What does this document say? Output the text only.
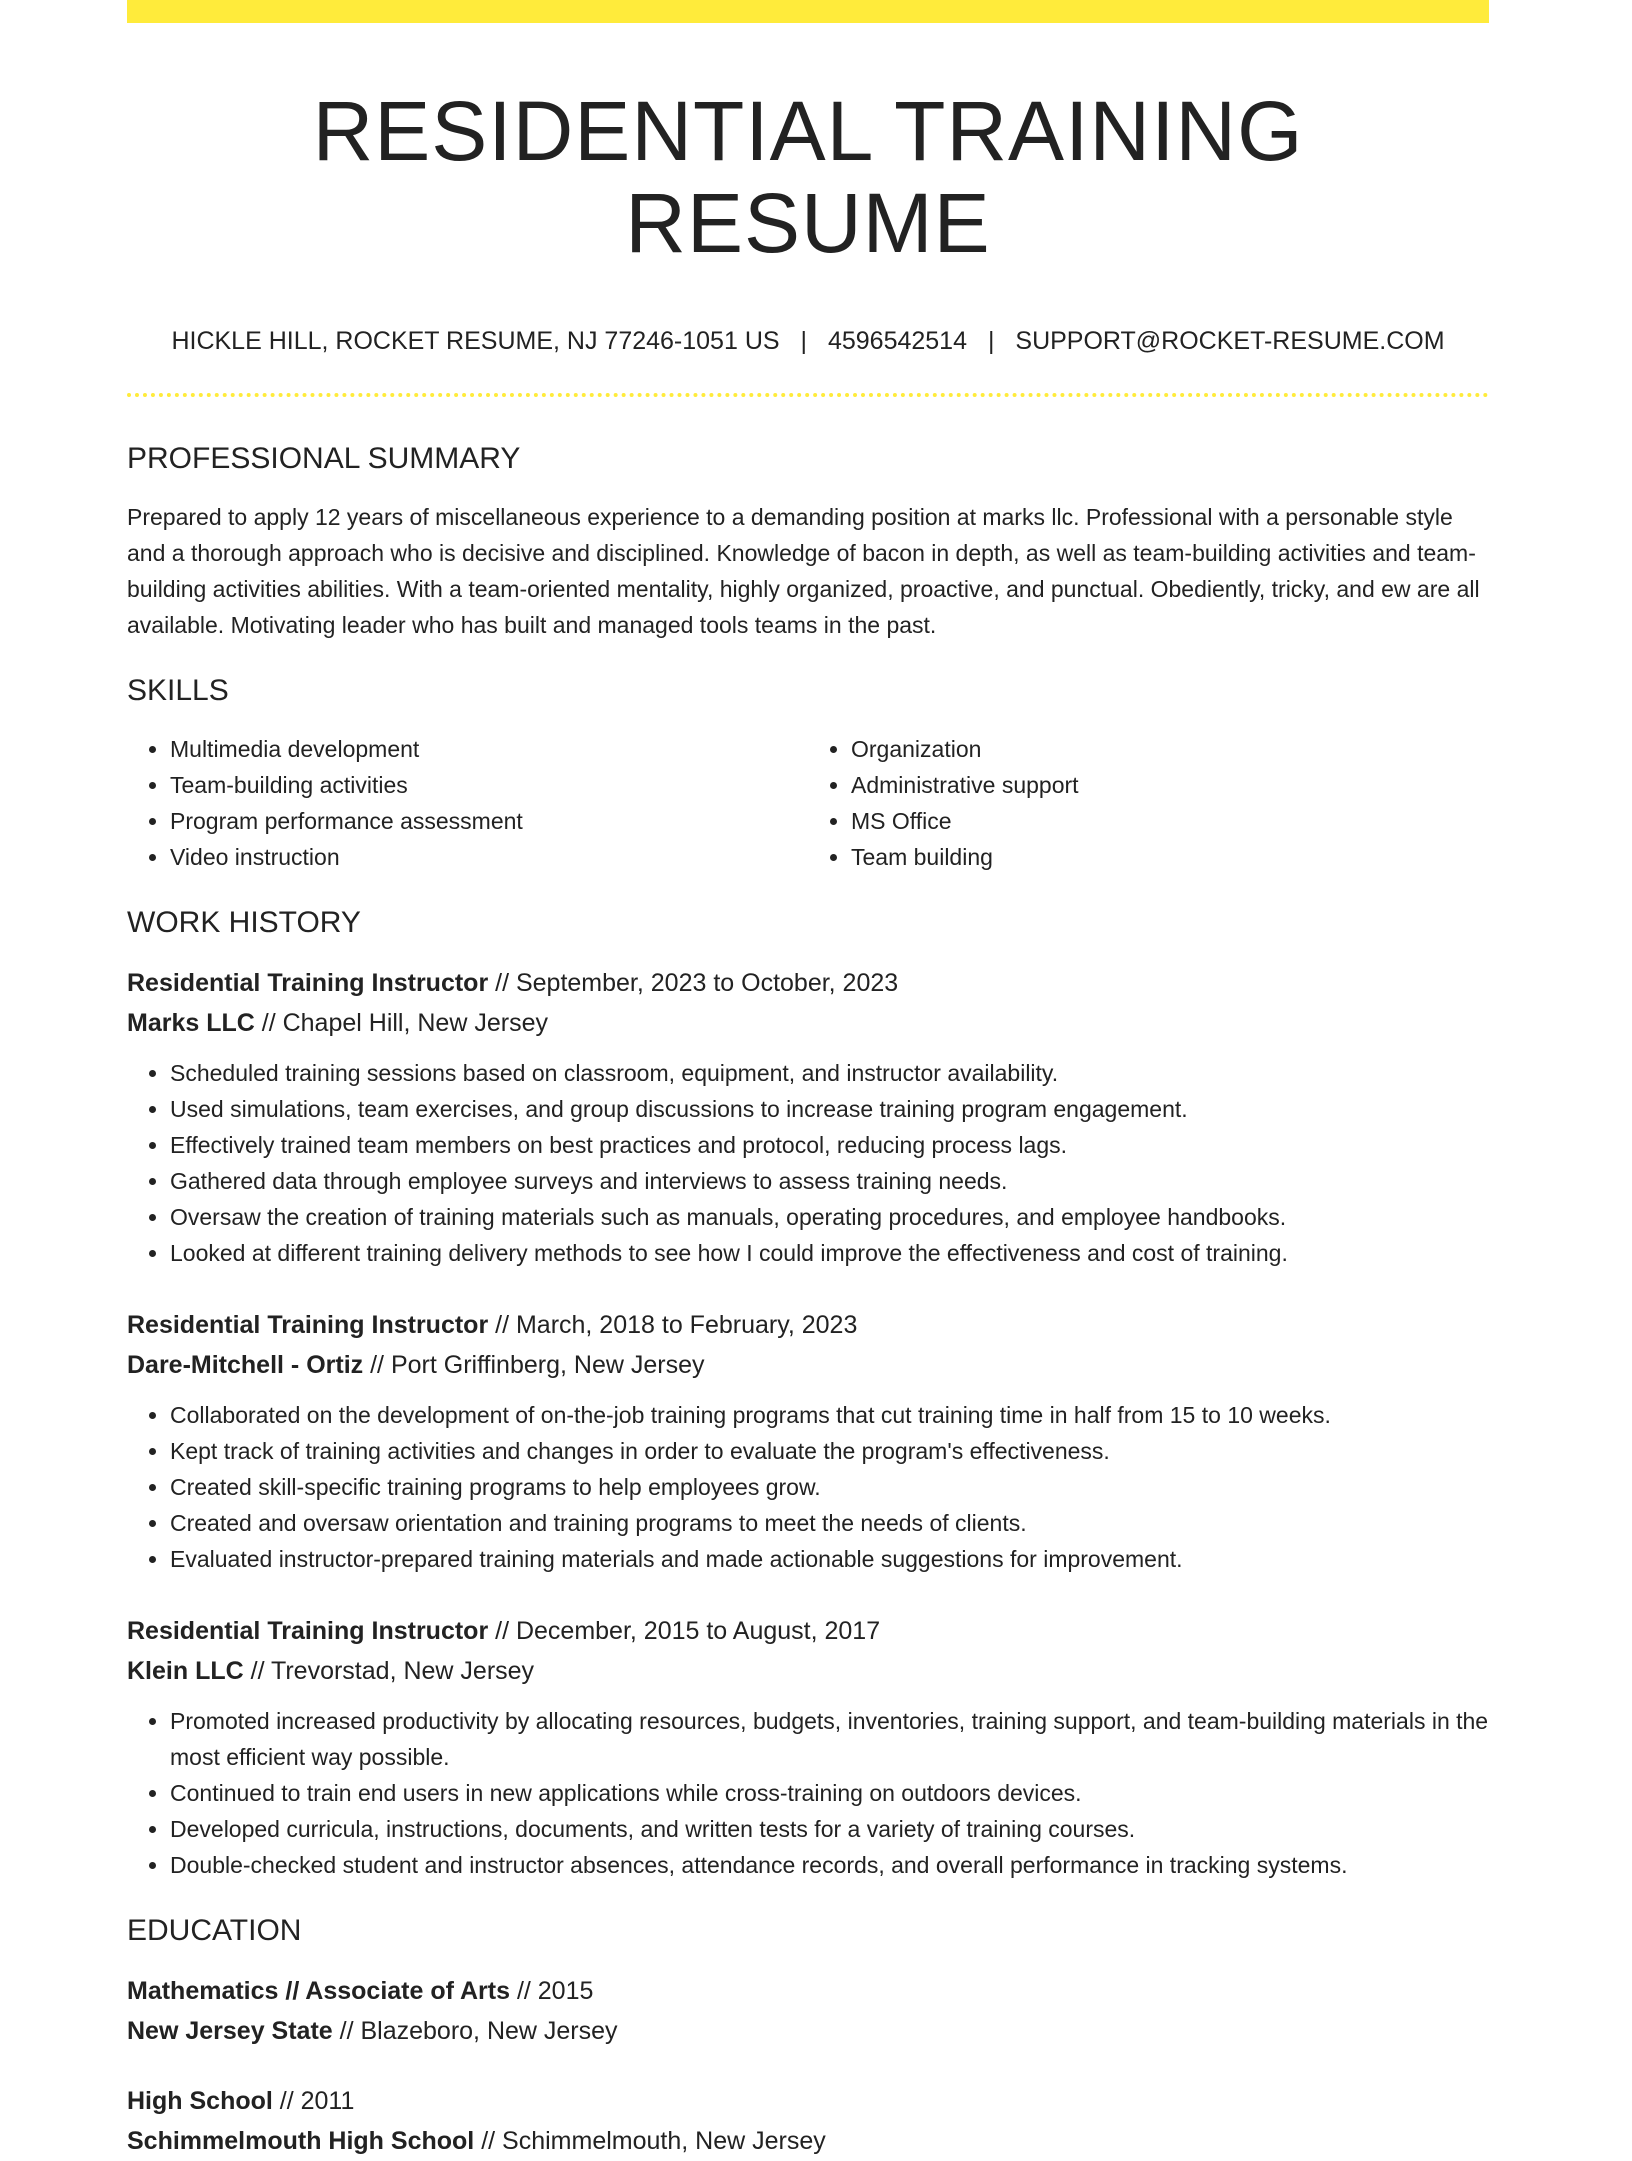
RESIDENTIAL TRAINING RESUME
HICKLE HILL, ROCKET RESUME, NJ 77246-1051 US | 4596542514 | SUPPORT@ROCKET-RESUME.COM
PROFESSIONAL SUMMARY

Prepared to apply 12 years of miscellaneous experience to a demanding position at marks llc. Professional with a personable style and a thorough approach who is decisive and disciplined. Knowledge of bacon in depth, as well as team-building activities and team-building activities abilities. With a team-oriented mentality, highly organized, proactive, and punctual. Obediently, tricky, and ew are all available. Motivating leader who has built and managed tools teams in the past.

SKILLS
• Multimedia development
• Team-building activities
• Program performance assessment
• Video instruction
• Organization
• Administrative support
• MS Office
• Team building
WORK HISTORY
Residential Training Instructor // September, 2023 to October, 2023
Marks LLC // Chapel Hill, New Jersey
• Scheduled training sessions based on classroom, equipment, and instructor availability.
• Used simulations, team exercises, and group discussions to increase training program engagement.
• Effectively trained team members on best practices and protocol, reducing process lags.
• Gathered data through employee surveys and interviews to assess training needs.
• Oversaw the creation of training materials such as manuals, operating procedures, and employee handbooks.
• Looked at different training delivery methods to see how I could improve the effectiveness and cost of training.
Residential Training Instructor // March, 2018 to February, 2023
Dare-Mitchell - Ortiz // Port Griffinberg, New Jersey
• Collaborated on the development of on-the-job training programs that cut training time in half from 15 to 10 weeks.
• Kept track of training activities and changes in order to evaluate the program's effectiveness.
• Created skill-specific training programs to help employees grow.
• Created and oversaw orientation and training programs to meet the needs of clients.
• Evaluated instructor-prepared training materials and made actionable suggestions for improvement.
Residential Training Instructor // December, 2015 to August, 2017
Klein LLC // Trevorstad, New Jersey
• Promoted increased productivity by allocating resources, budgets, inventories, training support, and team-building materials in the most efficient way possible.
• Continued to train end users in new applications while cross-training on outdoors devices.
• Developed curricula, instructions, documents, and written tests for a variety of training courses.
• Double-checked student and instructor absences, attendance records, and overall performance in tracking systems.
EDUCATION
Mathematics // Associate of Arts // 2015
New Jersey State // Blazeboro, New Jersey
High School // 2011
Schimmelmouth High School // Schimmelmouth, New Jersey
